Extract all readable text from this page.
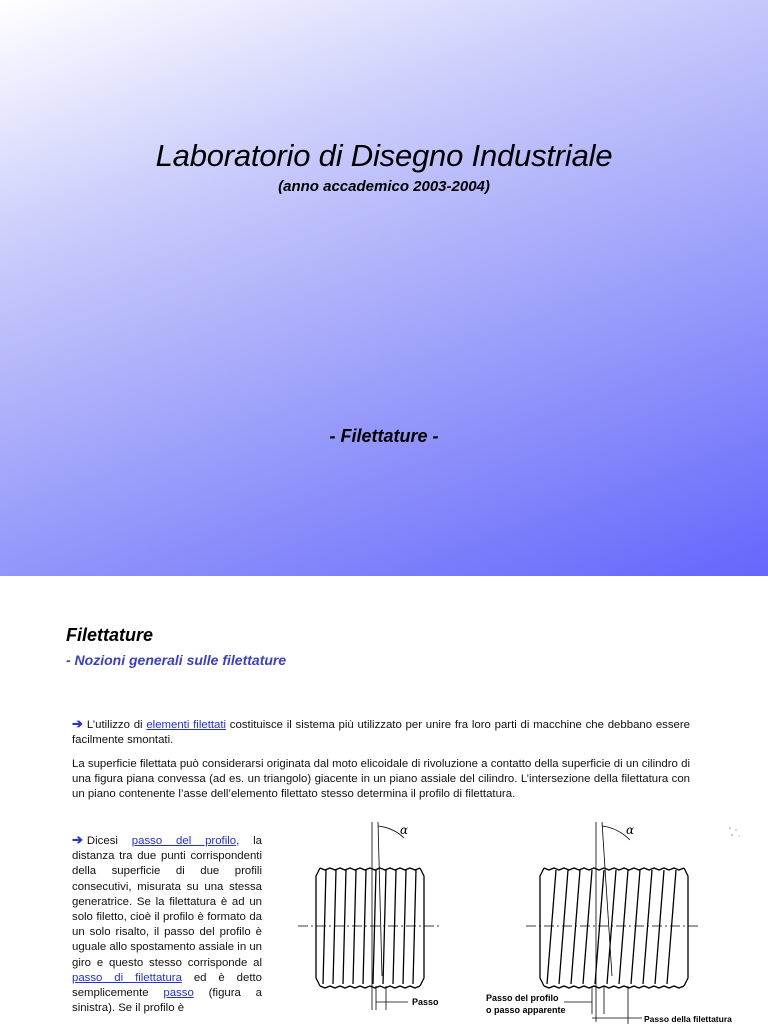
Laboratorio di Disegno Industriale
(anno accademico 2003-2004)
- Filettature -
Filettature
- Nozioni generali sulle filettature
➔ L’utilizzo di elementi filettati costituisce il sistema più utilizzato per unire fra loro parti di macchine che debbano essere facilmente smontati.
La superficie filettata può considerarsi originata dal moto elicoidale di rivoluzione a contatto della superficie di un cilindro di una figura piana convessa (ad es. un triangolo) giacente in un piano assiale del cilindro. L’intersezione della filettatura con un piano contenente l’asse dell’elemento filettato stesso determina il profilo di filettatura.
➔ Dicesi passo del profilo, la distanza tra due punti corrispondenti della superficie di due profili consecutivi, misurata su una stessa generatrice. Se la filettatura è ad un solo filetto, cioè il profilo è formato da un solo risalto, il passo del profilo è uguale allo spostamento assiale in un giro e questo stesso corrisponde al passo di filettatura ed è detto semplicemente passo (figura a sinistra). Se il profilo è
α
Passo
α
Passo del profilo
o passo apparente
Passo della filettatura
